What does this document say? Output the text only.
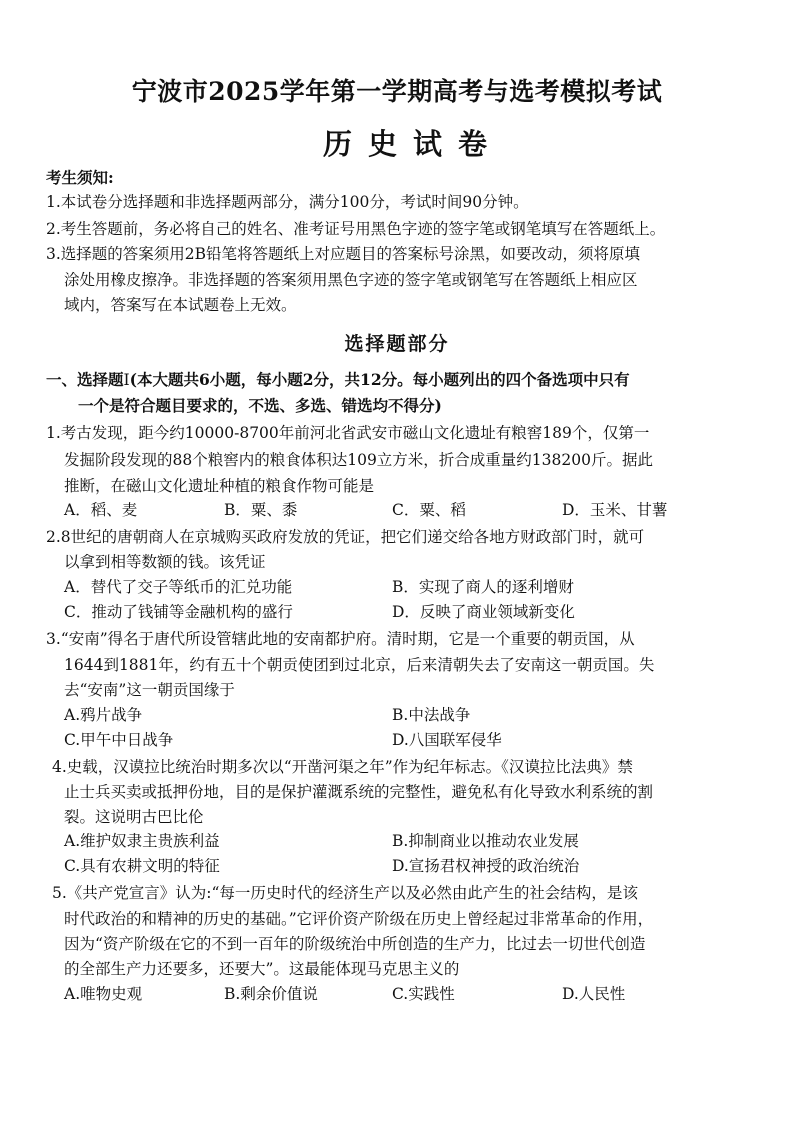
宁波市2025学年第一学期高考与选考模拟考试
历史试卷
考生须知:
1.本试卷分选择题和非选择题两部分，满分100分，考试时间90分钟。
2.考生答题前，务必将自己的姓名、准考证号用黑色字迹的签字笔或钢笔填写在答题纸上。
3.选择题的答案须用2B铅笔将答题纸上对应题目的答案标号涂黑，如要改动，须将原填
涂处用橡皮擦净。非选择题的答案须用黑色字迹的签字笔或钢笔写在答题纸上相应区
域内，答案写在本试题卷上无效。
选择题部分
一、选择题Ⅰ(本大题共6小题，每小题2分，共12分。每小题列出的四个备选项中只有
一个是符合题目要求的，不选、多选、错选均不得分)
1.考古发现，距今约10000-8700年前河北省武安市磁山文化遗址有粮窖189个，仅第一
发掘阶段发现的88个粮窖内的粮食体积达109立方米，折合成重量约138200斤。据此
推断，在磁山文化遗址种植的粮食作物可能是
A．稻、麦	B．粟、黍	C．粟、稻	D．玉米、甘薯
2.8世纪的唐朝商人在京城购买政府发放的凭证，把它们递交给各地方财政部门时，就可
以拿到相等数额的钱。该凭证
A．替代了交子等纸币的汇兑功能	B．实现了商人的逐利增财
C．推动了钱铺等金融机构的盛行	D．反映了商业领域新变化
3.“安南”得名于唐代所设管辖此地的安南都护府。清时期，它是一个重要的朝贡国，从
1644到1881年，约有五十个朝贡使团到过北京，后来清朝失去了安南这一朝贡国。失
去“安南”这一朝贡国缘于
A.鸦片战争	B.中法战争
C.甲午中日战争	D.八国联军侵华
4.史载，汉谟拉比统治时期多次以“开凿河渠之年”作为纪年标志。《汉谟拉比法典》禁
止士兵买卖或抵押份地，目的是保护灌溉系统的完整性，避免私有化导致水利系统的割
裂。这说明古巴比伦
A.维护奴隶主贵族利益	B.抑制商业以推动农业发展
C.具有农耕文明的特征	D.宣扬君权神授的政治统治
5.《共产党宣言》认为:“每一历史时代的经济生产以及必然由此产生的社会结构，是该
时代政治的和精神的历史的基础。”它评价资产阶级在历史上曾经起过非常革命的作用，
因为“资产阶级在它的不到一百年的阶级统治中所创造的生产力，比过去一切世代创造
的全部生产力还要多，还要大”。这最能体现马克思主义的
A.唯物史观	B.剩余价值说	C.实践性	D.人民性
